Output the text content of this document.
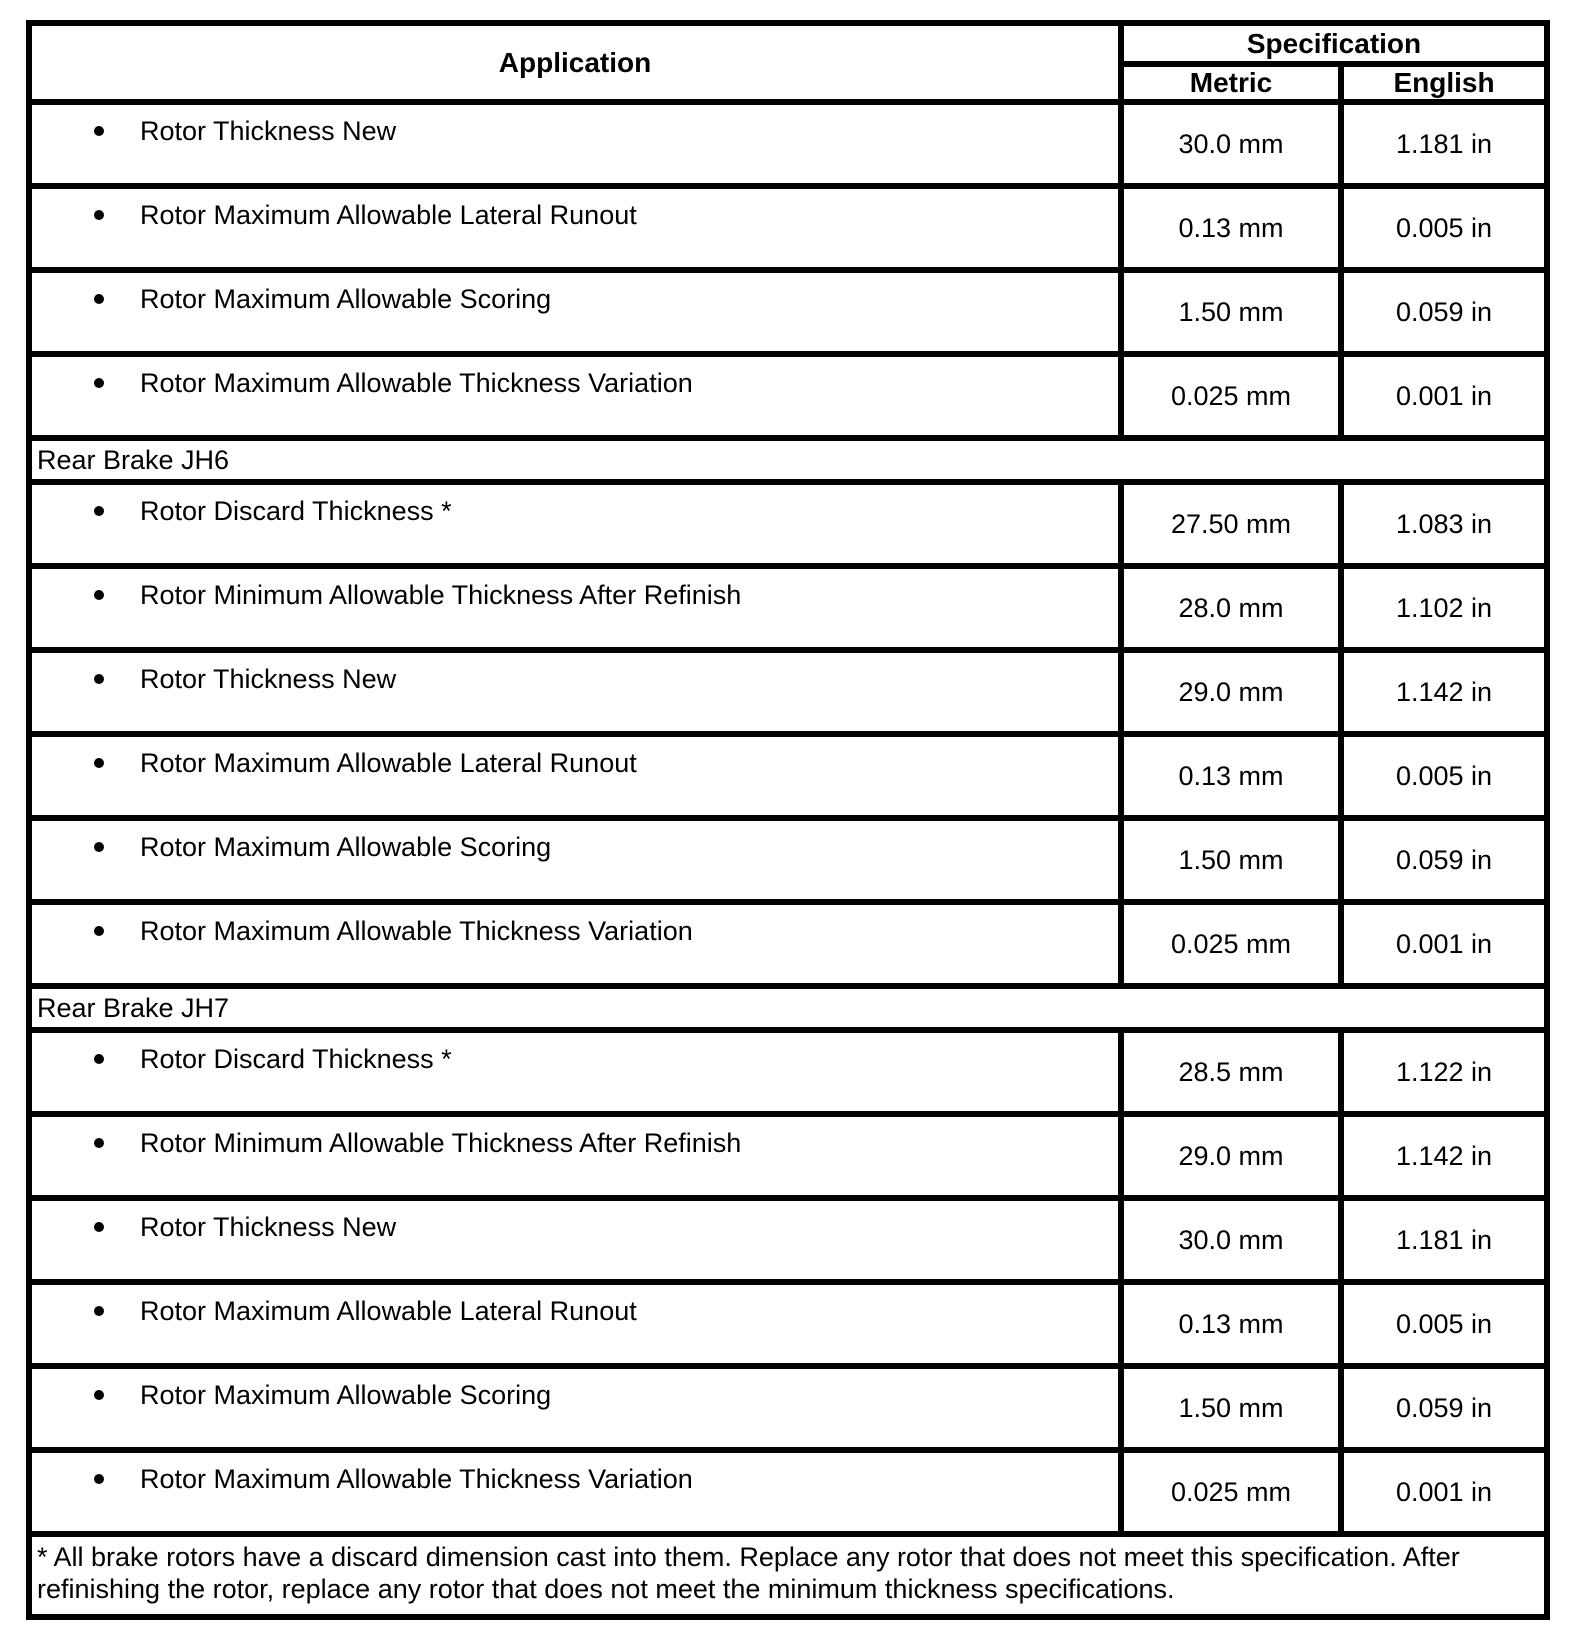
Application	Specification	
	Metric	English

Rotor Thickness New	30.0 mm	1.181 in

Rotor Maximum Allowable Lateral Runout	0.13 mm	0.005 in

Rotor Maximum Allowable Scoring	1.50 mm	0.059 in

Rotor Maximum Allowable Thickness Variation	0.025 mm	0.001 in
Rear Brake JH6		

Rotor Discard Thickness *	27.50 mm	1.083 in

Rotor Minimum Allowable Thickness After Refinish	28.0 mm	1.102 in

Rotor Thickness New	29.0 mm	1.142 in

Rotor Maximum Allowable Lateral Runout	0.13 mm	0.005 in

Rotor Maximum Allowable Scoring	1.50 mm	0.059 in

Rotor Maximum Allowable Thickness Variation	0.025 mm	0.001 in
Rear Brake JH7		

Rotor Discard Thickness *	28.5 mm	1.122 in

Rotor Minimum Allowable Thickness After Refinish	29.0 mm	1.142 in

Rotor Thickness New	30.0 mm	1.181 in

Rotor Maximum Allowable Lateral Runout	0.13 mm	0.005 in

Rotor Maximum Allowable Scoring	1.50 mm	0.059 in

Rotor Maximum Allowable Thickness Variation	0.025 mm	0.001 in
* All brake rotors have a discard dimension cast into them. Replace any rotor that does not meet this specification. After refinishing the rotor, replace any rotor that does not meet the minimum thickness specifications.		
